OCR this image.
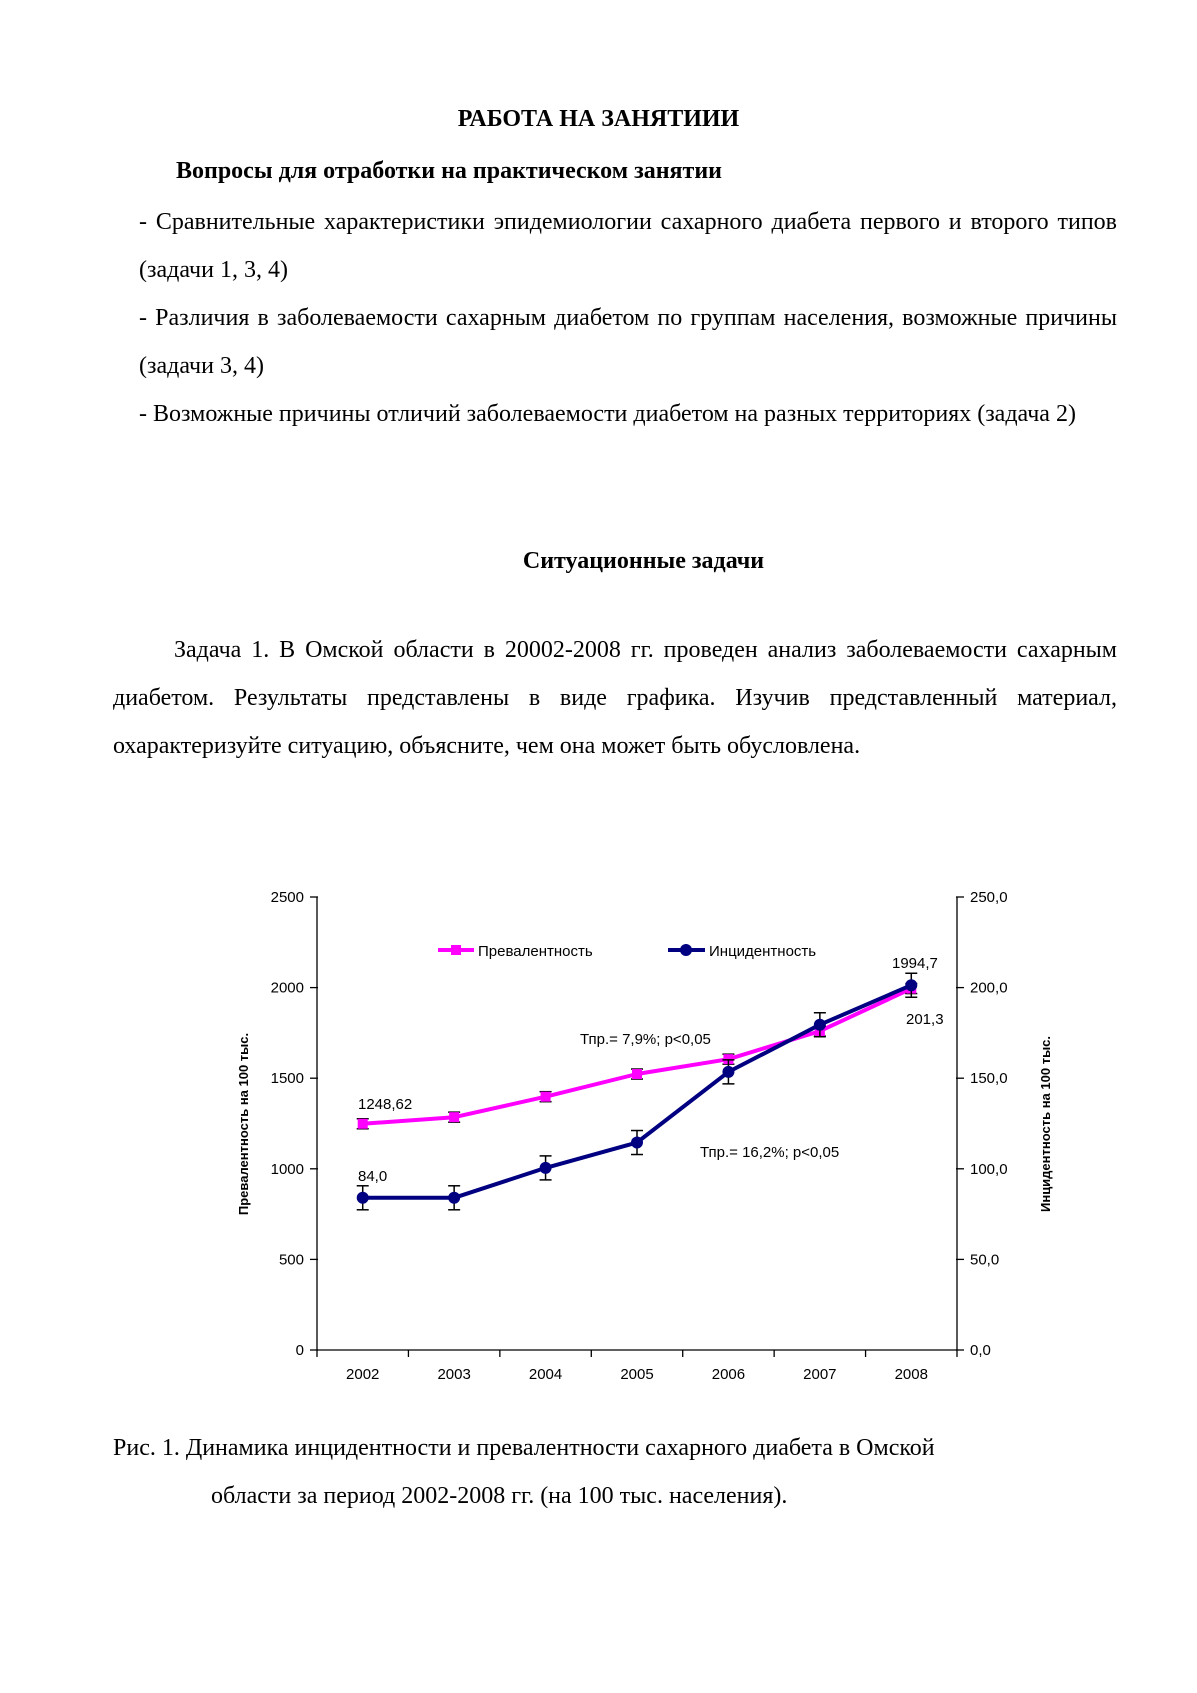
РАБОТА НА ЗАНЯТИИИ
Вопросы для отработки на практическом занятии
- Сравнительные характеристики эпидемиологии сахарного диабета первого и второго типов (задачи 1, 3, 4)
- Различия в заболеваемости сахарным диабетом по группам населения, возможные причины (задачи 3, 4)
- Возможные причины отличий заболеваемости диабетом на разных территориях (задача 2)
Ситуационные задачи
Задача 1. В Омской области в 20002-2008 гг. проведен анализ заболеваемости сахарным диабетом. Результаты представлены в виде графика. Изучив представленный материал, охарактеризуйте ситуацию, объясните, чем она может быть обусловлена.
0	0,0
500	50,0
1000	100,0
1500	150,0
2000	200,0
2500	250,0
2002	2003	2004	2005	2006	2007	2008
Превалентность на 100 тыс.	Инцидентность на 100 тыс.
Превалентность	Инцидентность
1248,62
84,0
1994,7
201,3
Тпр.= 7,9%; p<0,05
Тпр.= 16,2%; p<0,05
Рис. 1. Динамика инцидентности и превалентности сахарного диабета в Омской
области за период 2002-2008 гг. (на 100 тыс. населения).
